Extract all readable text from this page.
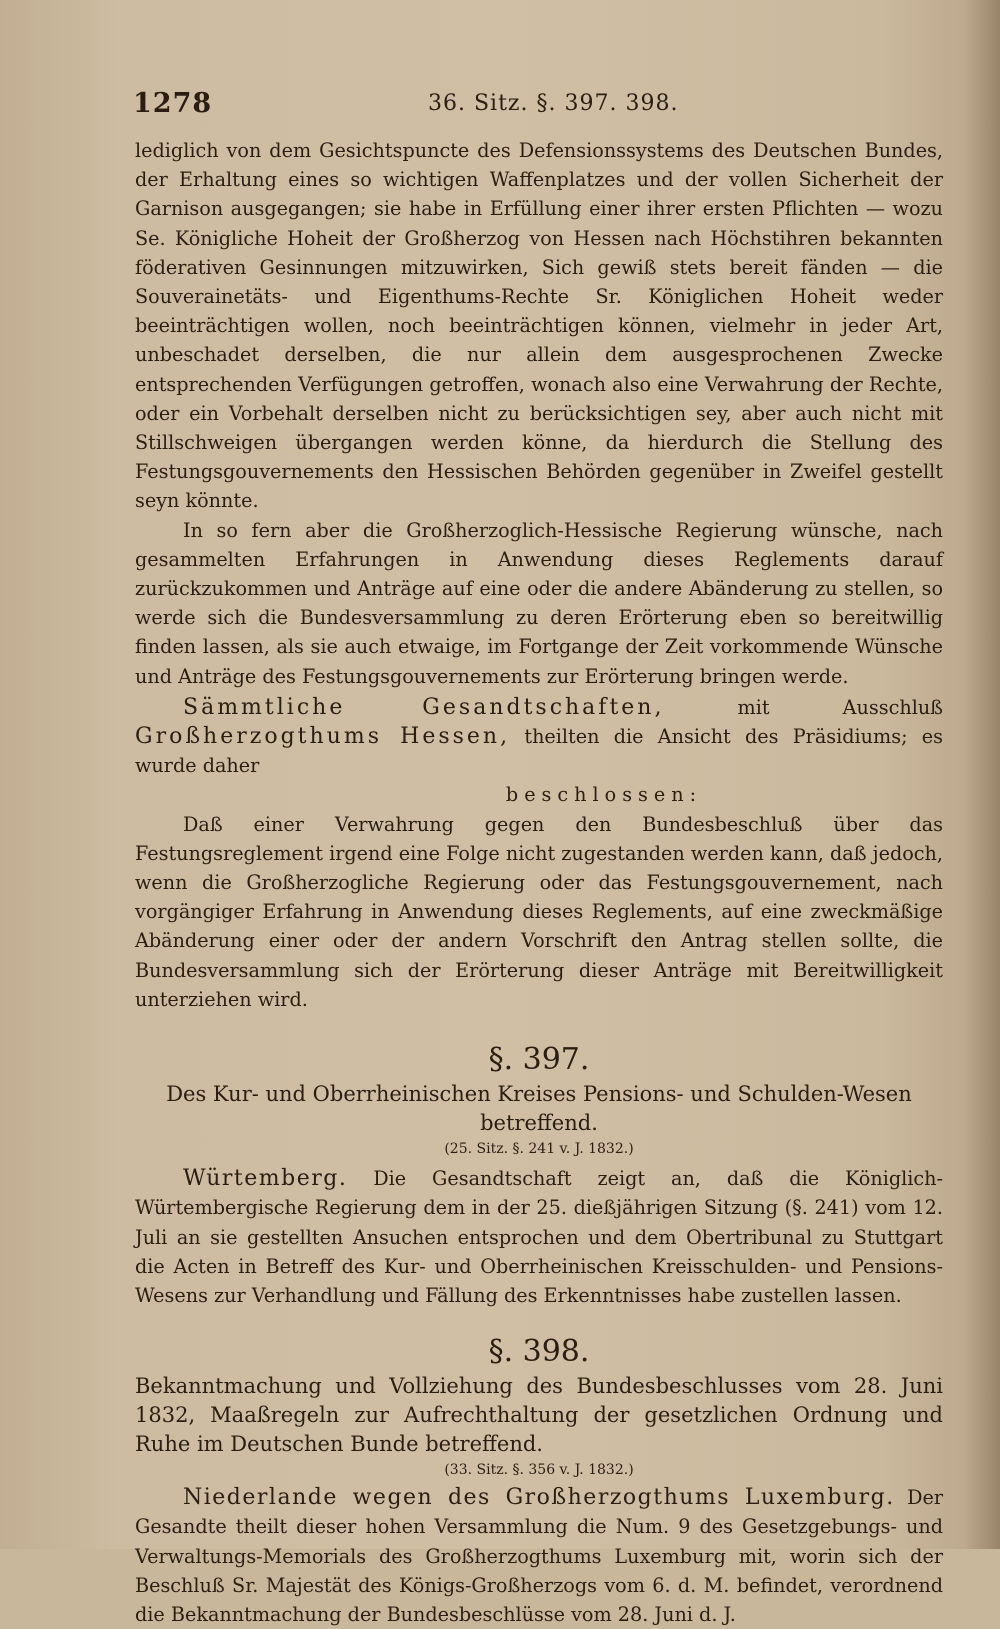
1278	36. Sitz. §. 397. 398.

lediglich von dem Gesichtspuncte des Defensionssystems des Deutschen Bundes, der Erhaltung eines so wichtigen Waffenplatzes und der vollen Sicherheit der Garnison ausgegangen; sie habe in Erfüllung einer ihrer ersten Pflichten — wozu Se. Königliche Hoheit der Großherzog von Hessen nach Höchstihren bekannten föderativen Gesinnungen mitzuwirken, Sich gewiß stets bereit fänden — die Souverainetäts- und Eigenthums-Rechte Sr. Königlichen Hoheit weder beeinträchtigen wollen, noch beeinträchtigen können, vielmehr in jeder Art, unbeschadet derselben, die nur allein dem ausgesprochenen Zwecke entsprechenden Verfügungen getroffen, wonach also eine Verwahrung der Rechte, oder ein Vorbehalt derselben nicht zu berücksichtigen sey, aber auch nicht mit Stillschweigen übergangen werden könne, da hierdurch die Stellung des Festungsgouvernements den Hessischen Behörden gegenüber in Zweifel gestellt seyn könnte.

In so fern aber die Großherzoglich-Hessische Regierung wünsche, nach gesammelten Erfahrungen in Anwendung dieses Reglements darauf zurückzukommen und Anträge auf eine oder die andere Abänderung zu stellen, so werde sich die Bundesversammlung zu deren Erörterung eben so bereitwillig finden lassen, als sie auch etwaige, im Fortgange der Zeit vorkommende Wünsche und Anträge des Festungsgouvernements zur Erörterung bringen werde.

Sämmtliche Gesandtschaften, mit Ausschluß Großherzogthums Hessen, theilten die Ansicht des Präsidiums; es wurde daher

beschlossen:

Daß einer Verwahrung gegen den Bundesbeschluß über das Festungsreglement irgend eine Folge nicht zugestanden werden kann, daß jedoch, wenn die Großherzogliche Regierung oder das Festungsgouvernement, nach vorgängiger Erfahrung in Anwendung dieses Reglements, auf eine zweckmäßige Abänderung einer oder der andern Vorschrift den Antrag stellen sollte, die Bundesversammlung sich der Erörterung dieser Anträge mit Bereitwilligkeit unterziehen wird.

§. 397.

Des Kur- und Oberrheinischen Kreises Pensions- und Schulden-Wesen betreffend.

(25. Sitz. §. 241 v. J. 1832.)

Würtemberg. Die Gesandtschaft zeigt an, daß die Königlich-Würtembergische Regierung dem in der 25. dießjährigen Sitzung (§. 241) vom 12. Juli an sie gestellten Ansuchen entsprochen und dem Obertribunal zu Stuttgart die Acten in Betreff des Kur- und Oberrheinischen Kreisschulden- und Pensions-Wesens zur Verhandlung und Fällung des Erkenntnisses habe zustellen lassen.

§. 398.

Bekanntmachung und Vollziehung des Bundesbeschlusses vom 28. Juni 1832, Maaßregeln zur Aufrechthaltung der gesetzlichen Ordnung und Ruhe im Deutschen Bunde betreffend.

(33. Sitz. §. 356 v. J. 1832.)

Niederlande wegen des Großherzogthums Luxemburg. Der Gesandte theilt dieser hohen Versammlung die Num. 9 des Gesetzgebungs- und Verwaltungs-Memorials des Großherzogthums Luxemburg mit, worin sich der Beschluß Sr. Majestät des Königs-Großherzogs vom 6. d. M. befindet, verordnend die Bekanntmachung der Bundesbeschlüsse vom 28. Juni d. J.
